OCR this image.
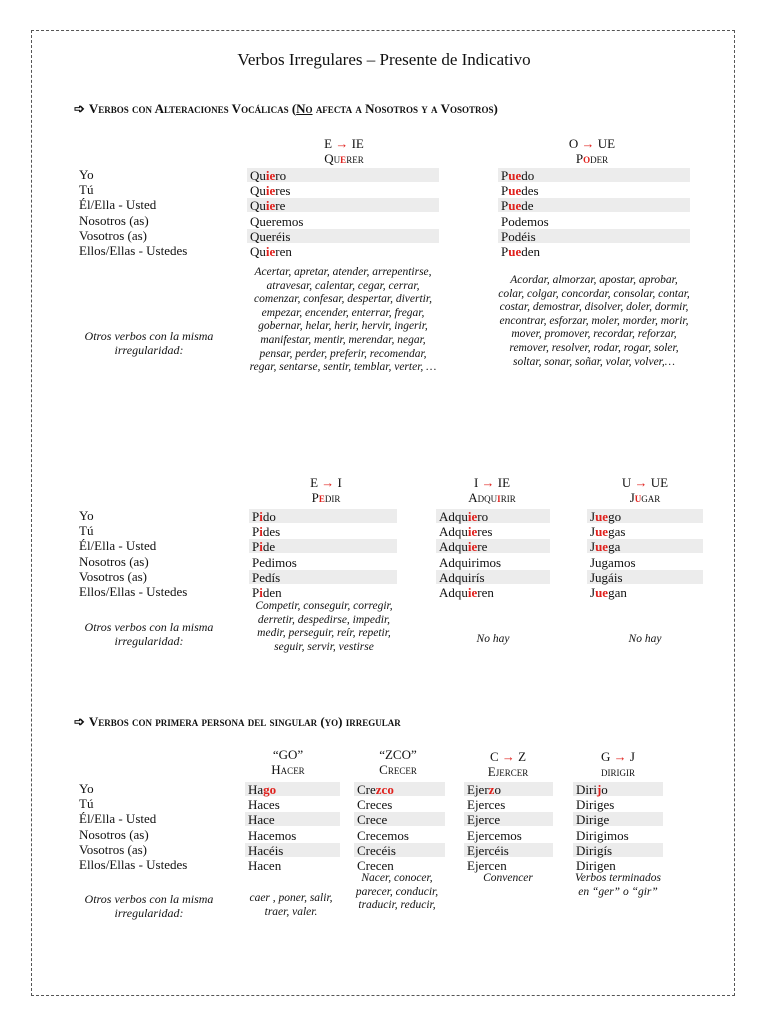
Verbos Irregulares – Presente de Indicativo
➩ Verbos con Alteraciones Vocálicas (No afecta a Nosotros y a Vosotros)
E → IE
Querer
O → UE
Poder
Yo
Tú
Él/Ella - Usted
Nosotros (as)
Vosotros (as)
Ellos/Ellas - Ustedes
Quiero
Quieres
Quiere
Queremos
Queréis
Quieren
Puedo
Puedes
Puede
Podemos
Podéis
Pueden
Otros verbos con la misma irregularidad:
Acertar, apretar, atender, arrepentirse, atravesar, calentar, cegar, cerrar, comenzar, confesar, despertar, divertir, empezar, encender, enterrar, fregar, gobernar, helar, herir, hervir, ingerir, manifestar, mentir, merendar, negar, pensar, perder, preferir, recomendar, regar, sentarse, sentir, temblar, verter, …
Acordar, almorzar, apostar, aprobar, colar, colgar, concordar, consolar, contar, costar, demostrar, disolver, doler, dormir, encontrar, esforzar, moler, morder, morir, mover, promover, recordar, reforzar, remover, resolver, rodar, rogar, soler, soltar, sonar, soñar, volar, volver,…
E → I
Pedir
I → IE
Adquirir
U → UE
Jugar
Yo
Tú
Él/Ella - Usted
Nosotros (as)
Vosotros (as)
Ellos/Ellas - Ustedes
Pido
Pides
Pide
Pedimos
Pedís
Piden
Adquiero
Adquieres
Adquiere
Adquirimos
Adquirís
Adquieren
Juego
Juegas
Juega
Jugamos
Jugáis
Juegan
Otros verbos con la misma irregularidad:
Competir, conseguir, corregir, derretir, despedirse, impedir, medir, perseguir, reír, repetir, seguir, servir, vestirse
No hay	No hay
“GO”
Hacer
“ZCO”
Crecer
C → Z
Ejercer
G → J
dirigir
Yo
Tú
Él/Ella - Usted
Nosotros (as)
Vosotros (as)
Ellos/Ellas - Ustedes
Hago
Haces
Hace
Hacemos
Hacéis
Hacen
Crezco
Creces
Crece
Crecemos
Crecéis
Crecen
Ejerzo
Ejerces
Ejerce
Ejercemos
Ejercéis
Ejercen
Dirijo
Diriges
Dirige
Dirigimos
Dirigís
Dirigen
Otros verbos con la misma irregularidad:
caer , poner, salir, traer, valer.
Nacer, conocer, parecer, conducir, traducir, reducir,
Convencer	Verbos terminados en “ger” o “gir”
➩ Verbos con primera persona del singular (yo) irregular
